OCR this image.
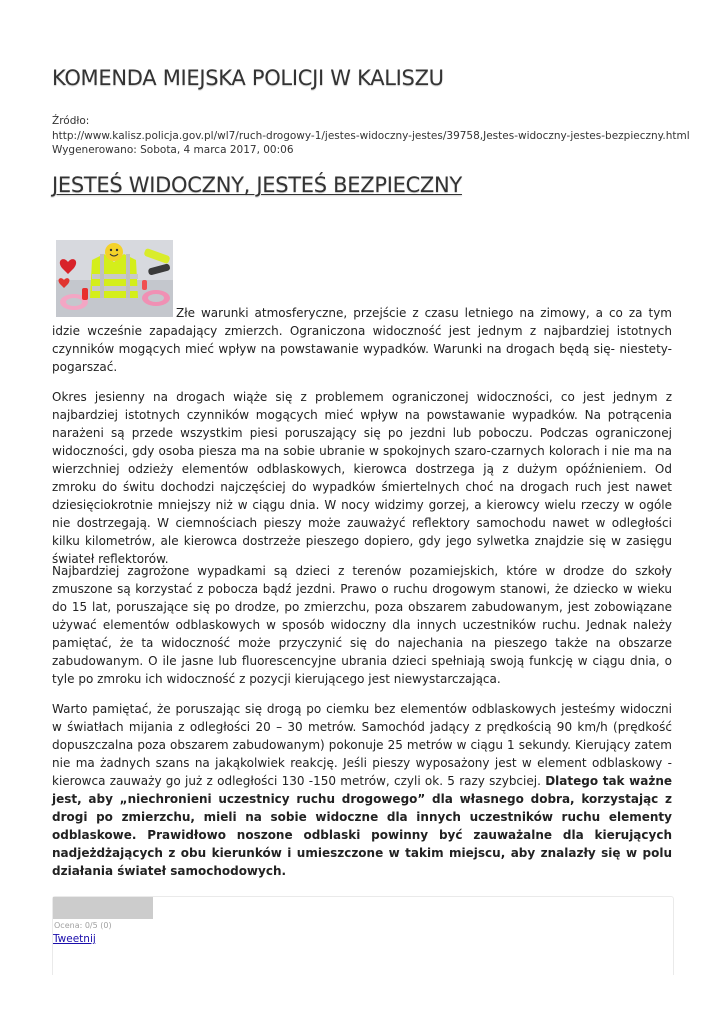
KOMENDA MIEJSKA POLICJI W KALISZU
Źródło:
http://www.kalisz.policja.gov.pl/wl7/ruch-drogowy-1/jestes-widoczny-jestes/39758,Jestes-widoczny-jestes-bezpieczny.html
Wygenerowano: Sobota, 4 marca 2017, 00:06
JESTEŚ WIDOCZNY, JESTEŚ BEZPIECZNY
Złe warunki atmosferyczne, przejście z czasu letniego na zimowy, a co za tym
idzie wcześnie zapadający zmierzch. Ograniczona widoczność jest jednym z najbardziej istotnych czynników mogących mieć wpływ na powstawanie wypadków. Warunki na drogach będą się- niestety- pogarszać.

Okres jesienny na drogach wiąże się z problemem ograniczonej widoczności, co jest jednym z najbardziej istotnych czynników mogących mieć wpływ na powstawanie wypadków. Na potrącenia narażeni są przede wszystkim piesi poruszający się po jezdni lub poboczu. Podczas ograniczonej widoczności, gdy osoba piesza ma na sobie ubranie w spokojnych szaro-czarnych kolorach i nie ma na wierzchniej odzieży elementów odblaskowych, kierowca dostrzega ją z dużym opóźnieniem. Od zmroku do świtu dochodzi najczęściej do wypadków śmiertelnych choć na drogach ruch jest nawet dziesięciokrotnie mniejszy niż w ciągu dnia. W nocy widzimy gorzej, a kierowcy wielu rzeczy w ogóle nie dostrzegają. W ciemnościach pieszy może zauważyć reflektory samochodu nawet w odległości kilku kilometrów, ale kierowca dostrzeże pieszego dopiero, gdy jego sylwetka znajdzie się w zasięgu świateł reflektorów.

Najbardziej zagrożone wypadkami są dzieci z terenów pozamiejskich, które w drodze do szkoły zmuszone są korzystać z pobocza bądź jezdni. Prawo o ruchu drogowym stanowi, że dziecko w wieku do 15 lat, poruszające się po drodze, po zmierzchu, poza obszarem zabudowanym, jest zobowiązane używać elementów odblaskowych w sposób widoczny dla innych uczestników ruchu. Jednak należy pamiętać, że ta widoczność może przyczynić się do najechania na pieszego także na obszarze zabudowanym. O ile jasne lub fluorescencyjne ubrania dzieci spełniają swoją funkcję w ciągu dnia, o tyle po zmroku ich widoczność z pozycji kierującego jest niewystarczająca.

Warto pamiętać, że poruszając się drogą po ciemku bez elementów odblaskowych jesteśmy widoczni w światłach mijania z odległości 20 – 30 metrów. Samochód jadący z prędkością 90 km/h (prędkość dopuszczalna poza obszarem zabudowanym) pokonuje 25 metrów w ciągu 1 sekundy. Kierujący zatem nie ma żadnych szans na jakąkolwiek reakcję. Jeśli pieszy wyposażony jest w element odblaskowy - kierowca zauważy go już z odległości 130 -150 metrów, czyli ok. 5 razy szybciej. Dlatego tak ważne jest, aby „niechronieni uczestnicy ruchu drogowego” dla własnego dobra, korzystając z drogi po zmierzchu, mieli na sobie widoczne dla innych uczestników ruchu elementy odblaskowe. Prawidłowo noszone odblaski powinny być zauważalne dla kierujących nadjeżdżających z obu kierunków i umieszczone w takim miejscu, aby znalazły się w polu działania świateł samochodowych.

Ocena: 0/5 (0)
Tweetnij
